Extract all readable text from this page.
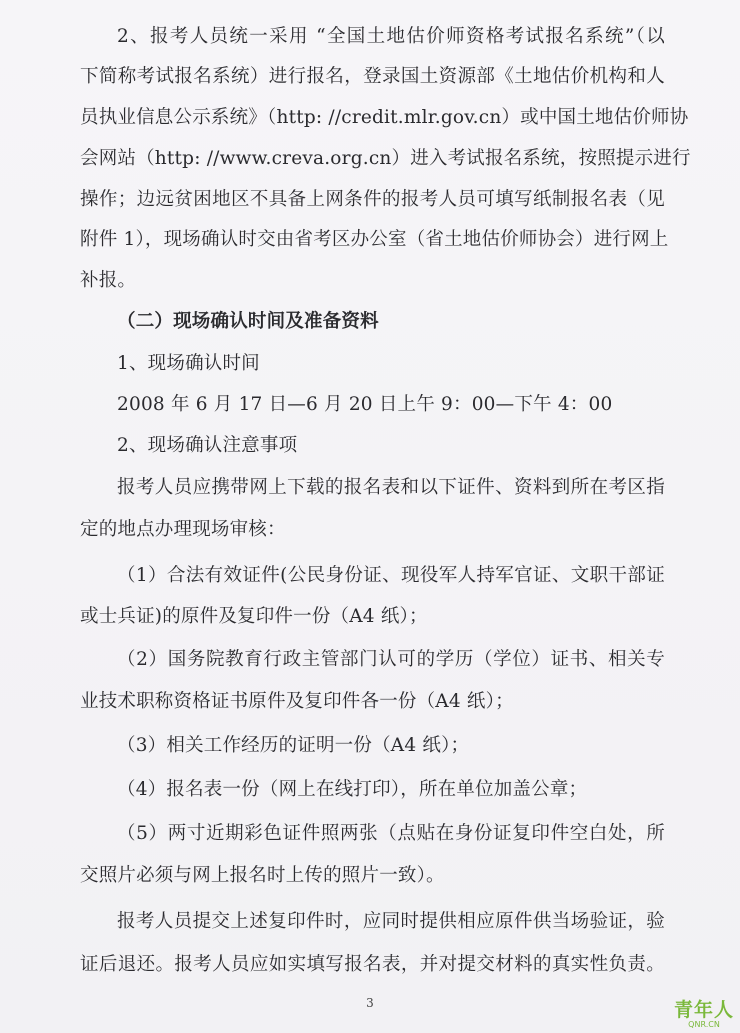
2、报考人员统一采用 “全国土地估价师资格考试报名系统”（以
下简称考试报名系统）进行报名，登录国土资源部《土地估价机构和人
员执业信息公示系统》（http: //credit.mlr.gov.cn）或中国土地估价师协
会网站（http: //www.creva.org.cn）进入考试报名系统，按照提示进行
操作；边远贫困地区不具备上网条件的报考人员可填写纸制报名表（见
附件 1），现场确认时交由省考区办公室（省土地估价师协会）进行网上
补报。
（二）现场确认时间及准备资料
1、现场确认时间
2008 年 6 月 17 日—6 月 20 日上午 9：00—下午 4：00
2、现场确认注意事项
报考人员应携带网上下载的报名表和以下证件、资料到所在考区指
定的地点办理现场审核：
（1）合法有效证件(公民身份证、现役军人持军官证、文职干部证
或士兵证)的原件及复印件一份（A4 纸）；
（2）国务院教育行政主管部门认可的学历（学位）证书、相关专
业技术职称资格证书原件及复印件各一份（A4 纸）；
（3）相关工作经历的证明一份（A4 纸）；
（4）报名表一份（网上在线打印），所在单位加盖公章；
（5）两寸近期彩色证件照两张（点贴在身份证复印件空白处，所
交照片必须与网上报名时上传的照片一致）。
报考人员提交上述复印件时，应同时提供相应原件供当场验证，验
证后退还。报考人员应如实填写报名表，并对提交材料的真实性负责。
3	青年人
QNR.CN
